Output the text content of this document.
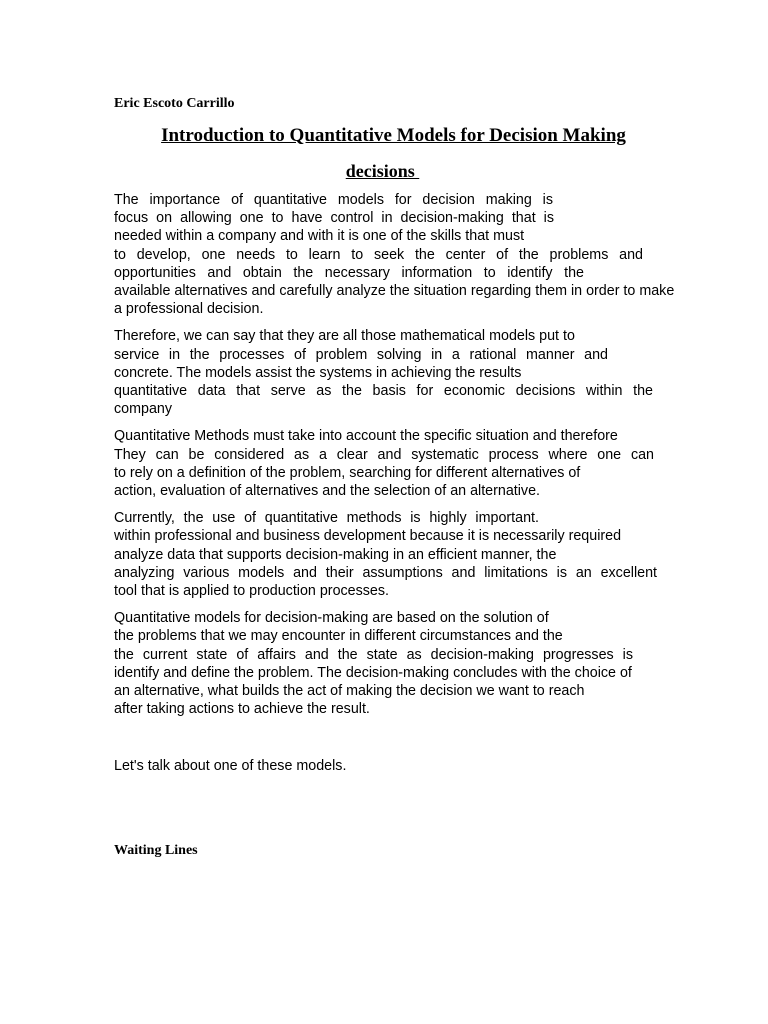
Eric Escoto Carrillo
Introduction to Quantitative Models for Decision Making
decisions
The importance of quantitative models for decision making is
focus on allowing one to have control in decision-making that is
needed within a company and with it is one of the skills that must
to develop, one needs to learn to seek the center of the problems and
opportunities and obtain the necessary information to identify the
available alternatives and carefully analyze the situation regarding them in order to make
a professional decision.
Therefore, we can say that they are all those mathematical models put to
service in the processes of problem solving in a rational manner and
concrete. The models assist the systems in achieving the results
quantitative data that serve as the basis for economic decisions within the
company
Quantitative Methods must take into account the specific situation and therefore
They can be considered as a clear and systematic process where one can
to rely on a definition of the problem, searching for different alternatives of
action, evaluation of alternatives and the selection of an alternative.
Currently, the use of quantitative methods is highly important.
within professional and business development because it is necessarily required
analyze data that supports decision-making in an efficient manner, the
analyzing various models and their assumptions and limitations is an excellent
tool that is applied to production processes.
Quantitative models for decision-making are based on the solution of
the problems that we may encounter in different circumstances and the
the current state of affairs and the state as decision-making progresses is
identify and define the problem. The decision-making concludes with the choice of
an alternative, what builds the act of making the decision we want to reach
after taking actions to achieve the result.
Let's talk about one of these models.
Waiting Lines
